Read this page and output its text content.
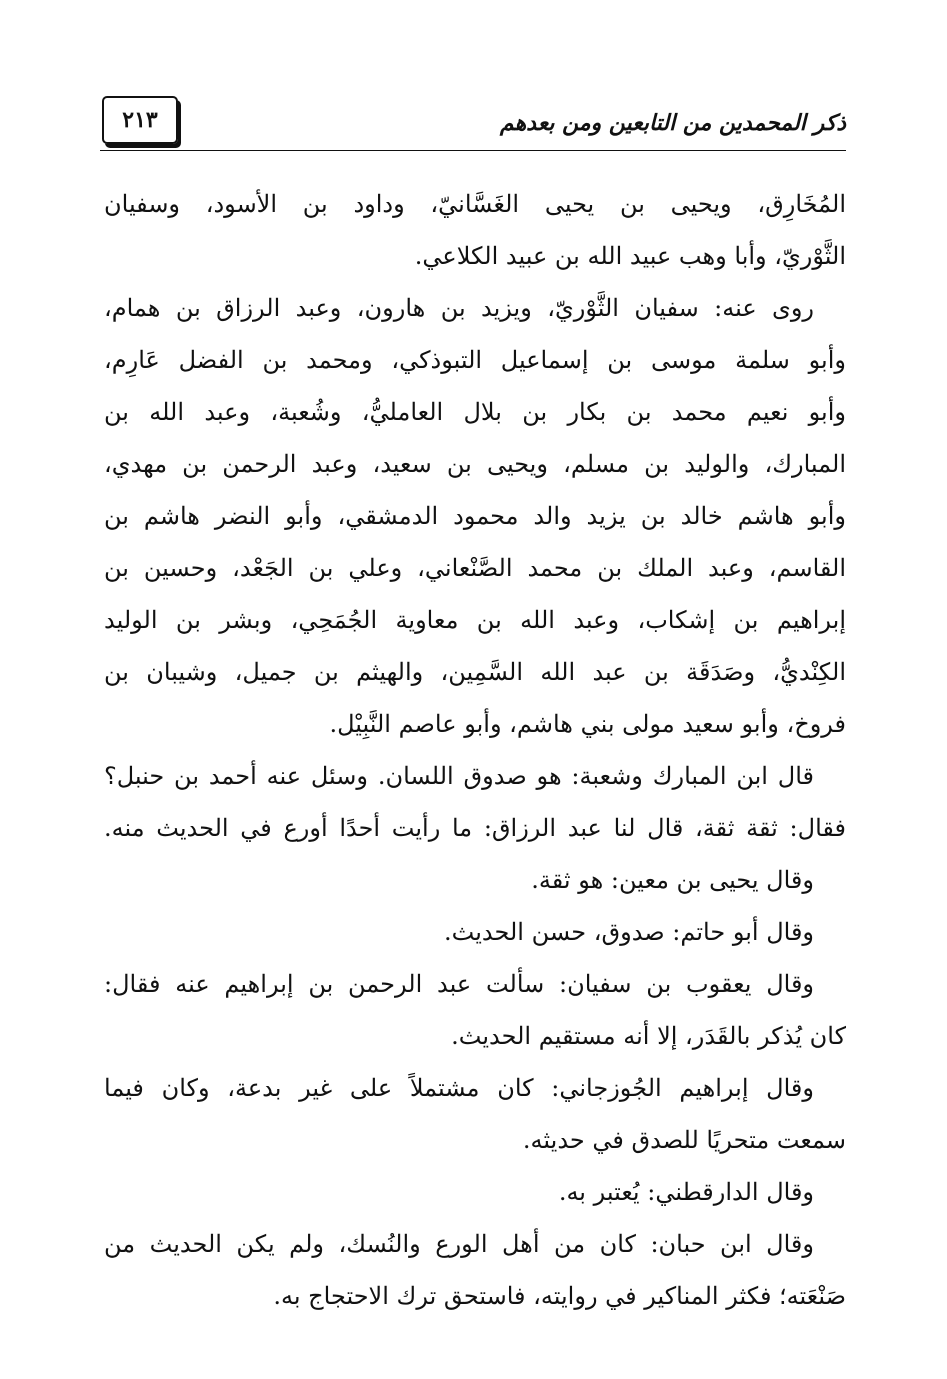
٢١٣	ذكر المحمدين من التابعين ومن بعدهم
المُخَارِق، ويحيى بن يحيى الغَسَّانيّ، وداود بن الأسود، وسفيان
الثَّوْريّ، وأبا وهب عبيد الله بن عبيد الكلاعي.
روى عنه: سفيان الثَّوْريّ، ويزيد بن هارون، وعبد الرزاق بن همام،
وأبو سلمة موسى بن إسماعيل التبوذكي، ومحمد بن الفضل عَارِم،
وأبو نعيم محمد بن بكار بن بلال العامليُّ، وشُعبة، وعبد الله بن
المبارك، والوليد بن مسلم، ويحيى بن سعيد، وعبد الرحمن بن مهدي،
وأبو هاشم خالد بن يزيد والد محمود الدمشقي، وأبو النضر هاشم بن
القاسم، وعبد الملك بن محمد الصَّنْعاني، وعلي بن الجَعْد، وحسين بن
إبراهيم بن إشكاب، وعبد الله بن معاوية الجُمَحِي، وبشر بن الوليد
الكِنْديُّ، وصَدَقَة بن عبد الله السَّمِين، والهيثم بن جميل، وشيبان بن
فروخ، وأبو سعيد مولى بني هاشم، وأبو عاصم النَّبِيْل.
قال ابن المبارك وشعبة: هو صدوق اللسان. وسئل عنه أحمد بن حنبل؟
فقال: ثقة ثقة، قال لنا عبد الرزاق: ما رأيت أحدًا أورع في الحديث منه.
وقال يحيى بن معين: هو ثقة.
وقال أبو حاتم: صدوق، حسن الحديث.
وقال يعقوب بن سفيان: سألت عبد الرحمن بن إبراهيم عنه فقال:
كان يُذكر بالقَدَر، إلا أنه مستقيم الحديث.
وقال إبراهيم الجُوزجاني: كان مشتملاً على غير بدعة، وكان فيما
سمعت متحريًا للصدق في حديثه.
وقال الدارقطني: يُعتبر به.
وقال ابن حبان: كان من أهل الورع والنُسك، ولم يكن الحديث من
صَنْعَته؛ فكثر المناكير في روايته، فاستحق ترك الاحتجاج به.
